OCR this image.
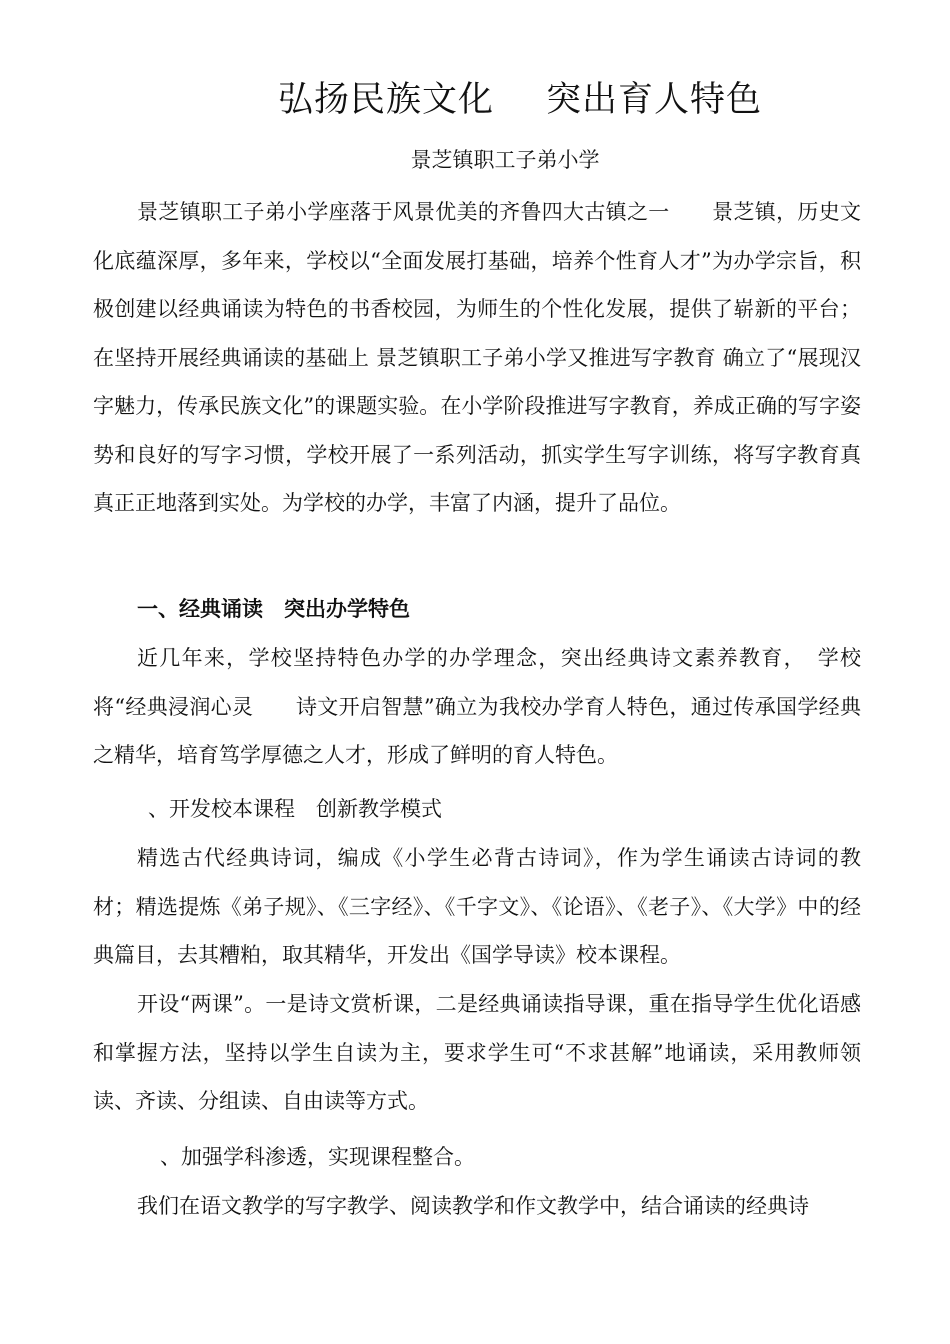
弘扬民族文化 突出育人特色
景芝镇职工子弟小学

景芝镇职工子弟小学座落于风景优美的齐鲁四大古镇之一　　景芝镇，历史文化底蕴深厚，多年来，学校以“全面发展打基础，培养个性育人才”为办学宗旨，积极创建以经典诵读为特色的书香校园，为师生的个性化发展，提供了崭新的平台；在坚持开展经典诵读的基础上 景芝镇职工子弟小学又推进写字教育 确立了“展现汉字魅力，传承民族文化”的课题实验。在小学阶段推进写字教育，养成正确的写字姿势和良好的写字习惯，学校开展了一系列活动，抓实学生写字训练，将写字教育真真正正地落到实处。为学校的办学，丰富了内涵，提升了品位。

一、经典诵读　突出办学特色

近几年来，学校坚持特色办学的办学理念，突出经典诗文素养教育，　学校将“经典浸润心灵　　诗文开启智慧”确立为我校办学育人特色，通过传承国学经典之精华，培育笃学厚德之人才，形成了鲜明的育人特色。

、开发校本课程　创新教学模式

精选古代经典诗词，编成《小学生必背古诗词》，作为学生诵读古诗词的教材；精选提炼《弟子规》、《三字经》、《千字文》、《论语》、《老子》、《大学》中的经典篇目，去其糟粕，取其精华，开发出《国学导读》校本课程。

开设“两课”。一是诗文赏析课，二是经典诵读指导课，重在指导学生优化语感和掌握方法，坚持以学生自读为主，要求学生可“不求甚解”地诵读，采用教师领读、齐读、分组读、自由读等方式。

、加强学科渗透，实现课程整合。

我们在语文教学的写字教学、阅读教学和作文教学中，结合诵读的经典诗
